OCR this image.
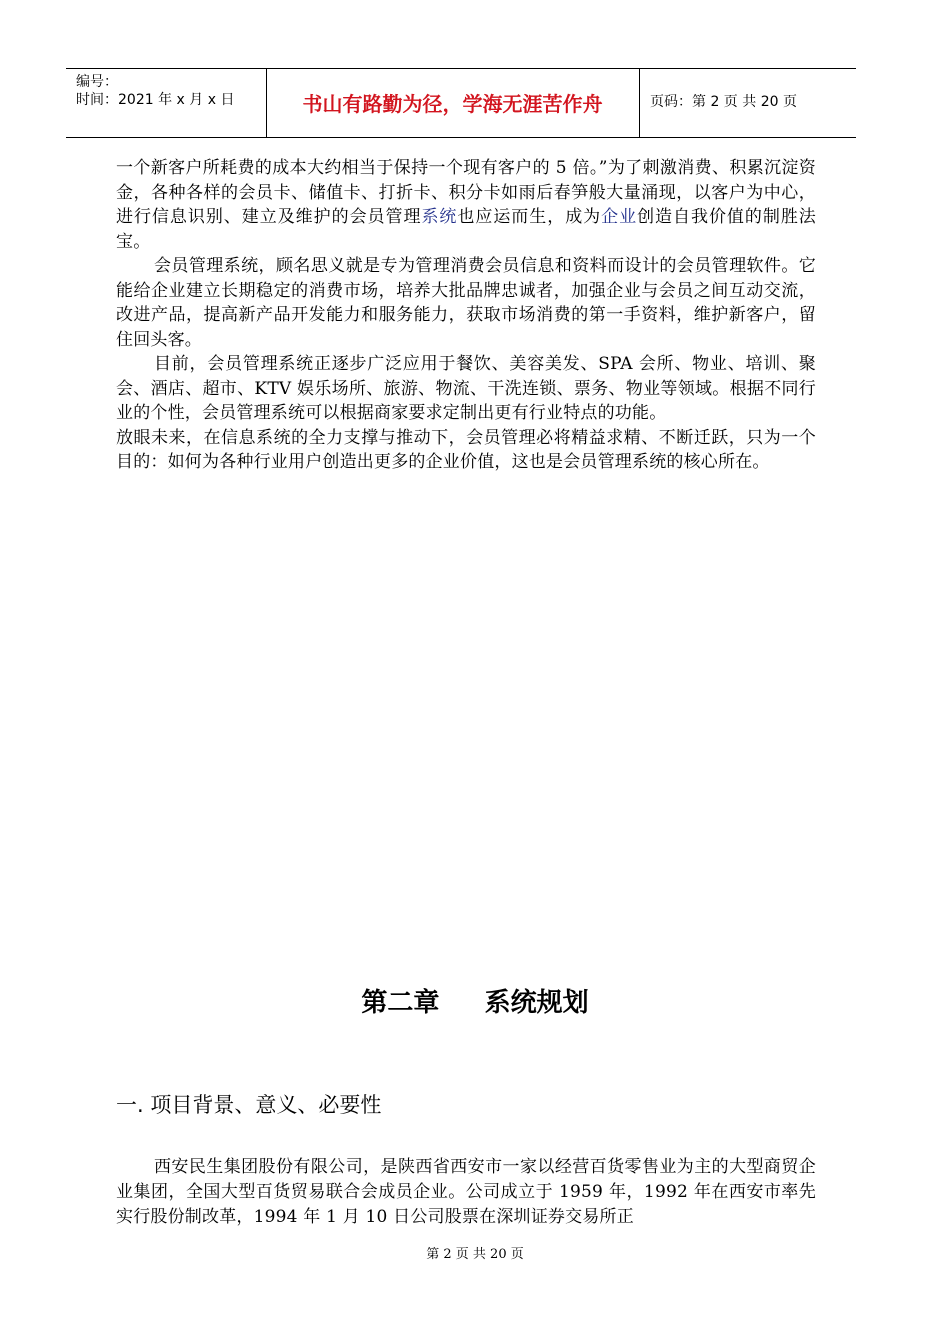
编号：
时间：2021 年 x 月 x 日	书山有路勤为径，学海无涯苦作舟	页码：第 2 页 共 20 页

一个新客户所耗费的成本大约相当于保持一个现有客户的 5 倍。”为了刺激消费、积累沉淀资金，各种各样的会员卡、储值卡、打折卡、积分卡如雨后春笋般大量涌现，以客户为中心，进行信息识别、建立及维护的会员管理系统也应运而生，成为企业创造自我价值的制胜法宝。

会员管理系统，顾名思义就是专为管理消费会员信息和资料而设计的会员管理软件。它能给企业建立长期稳定的消费市场，培养大批品牌忠诚者，加强企业与会员之间互动交流，改进产品，提高新产品开发能力和服务能力，获取市场消费的第一手资料，维护新客户，留住回头客。

目前，会员管理系统正逐步广泛应用于餐饮、美容美发、SPA 会所、物业、培训、聚会、酒店、超市、KTV 娱乐场所、旅游、物流、干洗连锁、票务、物业等领域。根据不同行业的个性，会员管理系统可以根据商家要求定制出更有行业特点的功能。

放眼未来，在信息系统的全力支撑与推动下，会员管理必将精益求精、不断迁跃，只为一个目的：如何为各种行业用户创造出更多的企业价值，这也是会员管理系统的核心所在。

第二章     系统规划
一. 项目背景、意义、必要性

西安民生集团股份有限公司，是陕西省西安市一家以经营百货零售业为主的大型商贸企业集团，全国大型百货贸易联合会成员企业。公司成立于 1959 年，1992 年在西安市率先实行股份制改革，1994 年 1 月 10 日公司股票在深圳证券交易所正

第 2 页 共 20 页
